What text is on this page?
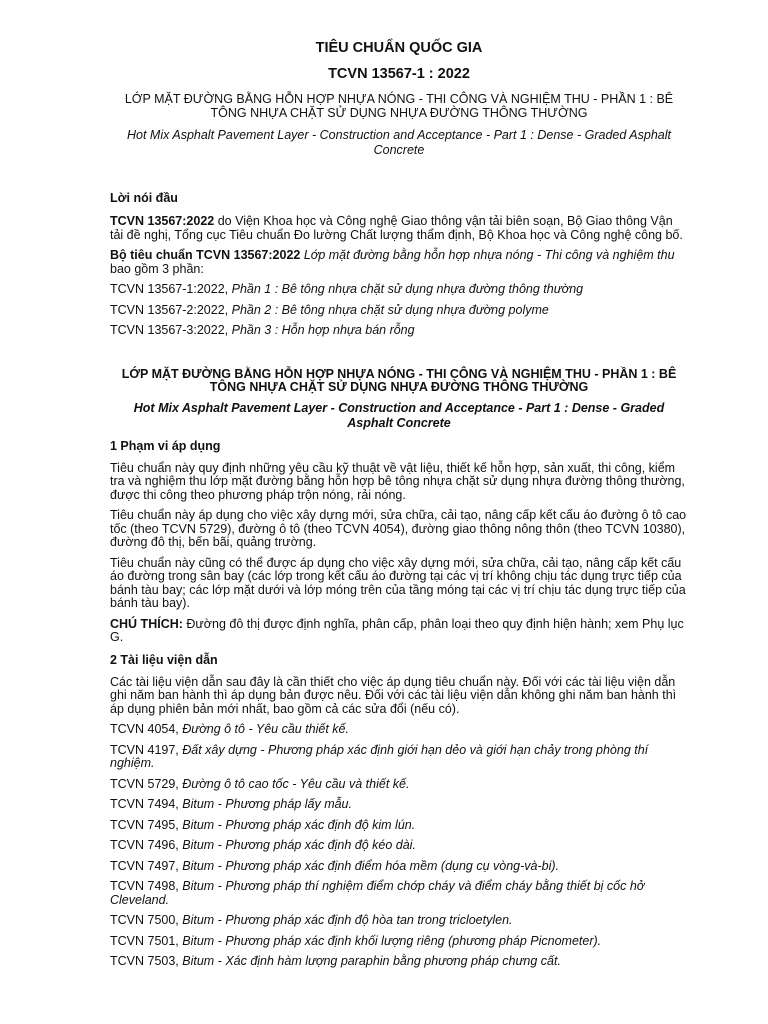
TIÊU CHUẨN QUỐC GIA
TCVN 13567-1 : 2022
LỚP MẶT ĐƯỜNG BẰNG HỖN HỢP NHỰA NÓNG - THI CÔNG VÀ NGHIỆM THU - PHẦN 1 : BÊ TÔNG NHỰA CHẶT SỬ DỤNG NHỰA ĐƯỜNG THÔNG THƯỜNG
Hot Mix Asphalt Pavement Layer - Construction and Acceptance - Part 1 : Dense - Graded Asphalt Concrete
Lời nói đầu

TCVN 13567:2022 do Viện Khoa học và Công nghệ Giao thông vận tải biên soạn, Bộ Giao thông Vận tải đề nghị, Tổng cục Tiêu chuẩn Đo lường Chất lượng thẩm định, Bộ Khoa học và Công nghệ công bố.

Bộ tiêu chuẩn TCVN 13567:2022 Lớp mặt đường bằng hỗn hợp nhựa nóng - Thi công và nghiệm thu bao gồm 3 phần:

TCVN 13567-1:2022, Phần 1 : Bê tông nhựa chặt sử dụng nhựa đường thông thường

TCVN 13567-2:2022, Phần 2 : Bê tông nhựa chặt sử dụng nhựa đường polyme

TCVN 13567-3:2022, Phần 3 : Hỗn hợp nhựa bán rỗng

LỚP MẶT ĐƯỜNG BẰNG HỖN HỢP NHỰA NÓNG - THI CÔNG VÀ NGHIỆM THU - PHẦN 1 : BÊ TÔNG NHỰA CHẶT SỬ DỤNG NHỰA ĐƯỜNG THÔNG THƯỜNG
Hot Mix Asphalt Pavement Layer - Construction and Acceptance - Part 1 : Dense - Graded Asphalt Concrete
1 Phạm vi áp dụng

Tiêu chuẩn này quy định những yêu cầu kỹ thuật về vật liệu, thiết kế hỗn hợp, sản xuất, thi công, kiểm tra và nghiệm thu lớp mặt đường bằng hỗn hợp bê tông nhựa chặt sử dụng nhựa đường thông thường, được thi công theo phương pháp trộn nóng, rải nóng.

Tiêu chuẩn này áp dụng cho việc xây dựng mới, sửa chữa, cải tạo, nâng cấp kết cấu áo đường ô tô cao tốc (theo TCVN 5729), đường ô tô (theo TCVN 4054), đường giao thông nông thôn (theo TCVN 10380), đường đô thị, bến bãi, quảng trường.

Tiêu chuẩn này cũng có thể được áp dụng cho việc xây dựng mới, sửa chữa, cải tạo, nâng cấp kết cấu áo đường trong sân bay (các lớp trong kết cấu áo đường tại các vị trí không chịu tác dụng trực tiếp của bánh tàu bay; các lớp mặt dưới và lớp móng trên của tầng móng tại các vị trí chịu tác dụng trực tiếp của bánh tàu bay).

CHÚ THÍCH: Đường đô thị được định nghĩa, phân cấp, phân loại theo quy định hiện hành; xem Phụ lục G.

2 Tài liệu viện dẫn

Các tài liệu viện dẫn sau đây là cần thiết cho việc áp dụng tiêu chuẩn này. Đối với các tài liệu viện dẫn ghi năm ban hành thì áp dụng bản được nêu. Đối với các tài liệu viện dẫn không ghi năm ban hành thì áp dụng phiên bản mới nhất, bao gồm cả các sửa đổi (nếu có).

TCVN 4054, Đường ô tô - Yêu cầu thiết kế.

TCVN 4197, Đất xây dựng - Phương pháp xác định giới hạn dẻo và giới hạn chảy trong phòng thí nghiệm.

TCVN 5729, Đường ô tô cao tốc - Yêu cầu và thiết kế.

TCVN 7494, Bitum - Phương pháp lấy mẫu.

TCVN 7495, Bitum - Phương pháp xác định độ kim lún.

TCVN 7496, Bitum - Phương pháp xác định độ kéo dài.

TCVN 7497, Bitum - Phương pháp xác định điểm hóa mềm (dụng cụ vòng-và-bi).

TCVN 7498, Bitum - Phương pháp thí nghiệm điểm chớp cháy và điểm cháy bằng thiết bị cốc hở Cleveland.

TCVN 7500, Bitum - Phương pháp xác định độ hòa tan trong tricloetylen.

TCVN 7501, Bitum - Phương pháp xác định khối lượng riêng (phương pháp Picnometer).

TCVN 7503, Bitum - Xác định hàm lượng paraphin bằng phương pháp chưng cất.
